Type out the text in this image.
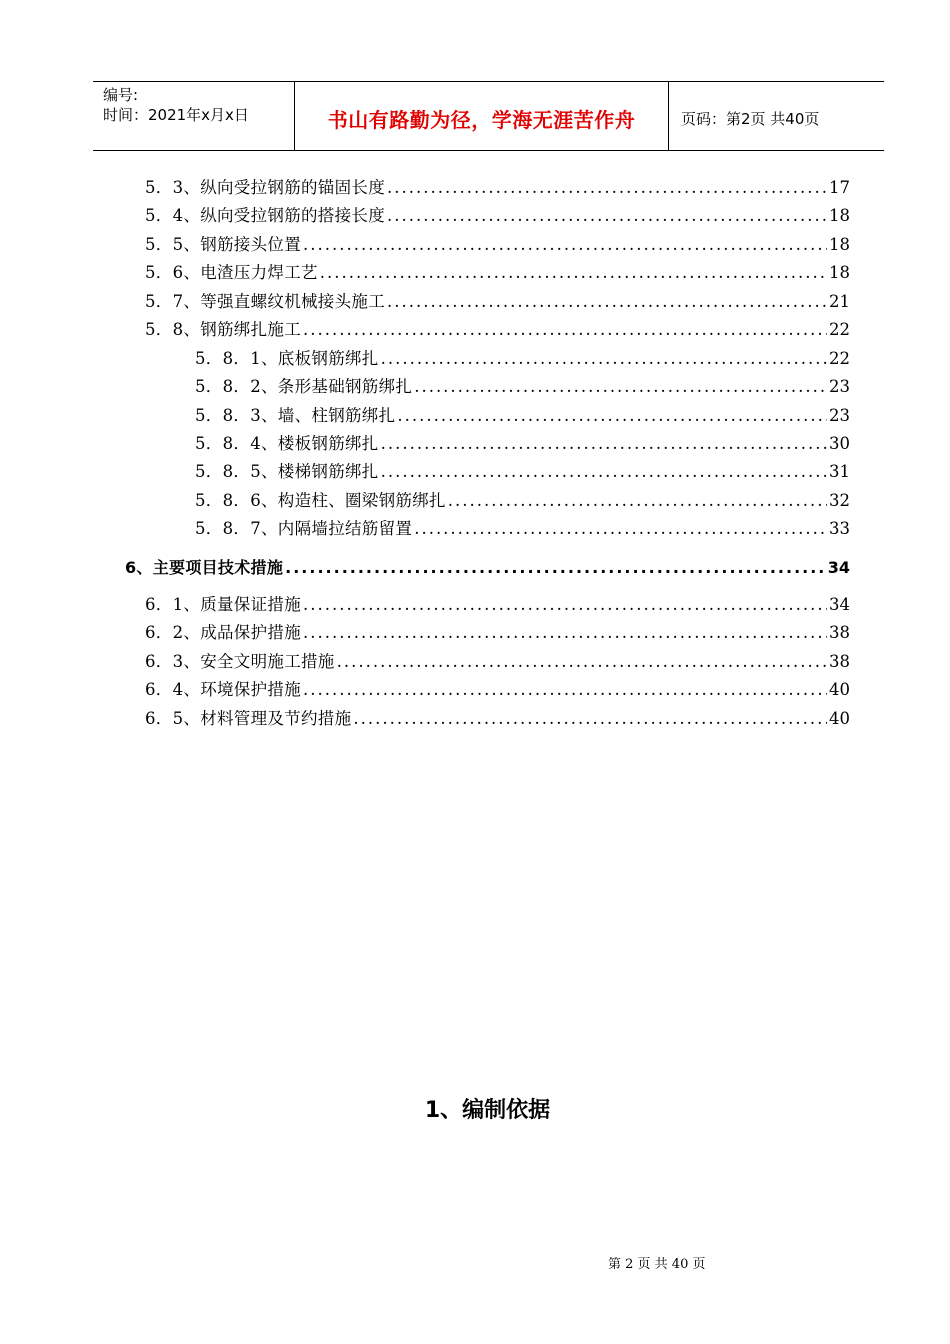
编号:
时间：2021年x月x日	书山有路勤为径，学海无涯苦作舟	页码：第2页 共40页
5．3、纵向受拉钢筋的锚固长度 .....	17
5．4、纵向受拉钢筋的搭接长度 .....	18
5．5、钢筋接头位置 .....	18
5．6、电渣压力焊工艺 .....	18
5．7、等强直螺纹机械接头施工 .....	21
5．8、钢筋绑扎施工 .....	22
5．8．1、底板钢筋绑扎 .....	22
5．8．2、条形基础钢筋绑扎 .....	23
5．8．3、墙、柱钢筋绑扎 .....	23
5．8．4、楼板钢筋绑扎 .....	30
5．8．5、楼梯钢筋绑扎 .....	31
5．8．6、构造柱、圈梁钢筋绑扎 .....	32
5．8．7、内隔墙拉结筋留置 .....	33
6、主要项目技术措施 .....	34
6．1、质量保证措施 .....	34
6．2、成品保护措施 .....	38
6．3、安全文明施工措施 .....	38
6．4、环境保护措施 .....	40
6．5、材料管理及节约措施 .....	40
1、编制依据
第 2 页 共 40 页
